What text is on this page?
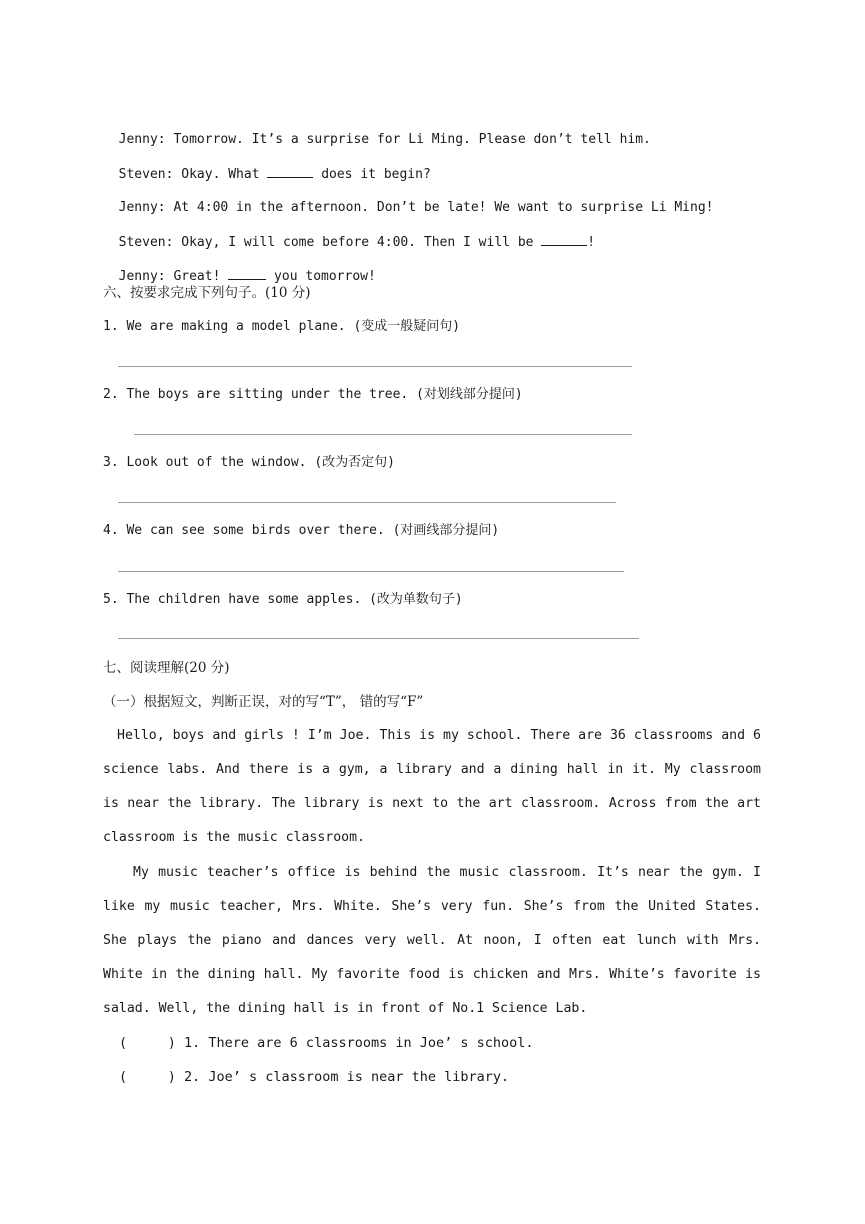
Jenny: Tomorrow. It’s a surprise for Li Ming. Please don’t tell him.

Steven: Okay. What	does it begin?

Jenny: At 4:00 in the afternoon. Don’t be late! We want to surprise Li Ming!

Steven: Okay, I will come before 4:00. Then I will be	!

Jenny: Great!	you tomorrow!

六、按要求完成下列句子。(10 分)
1. We are making a model plane. (变成一般疑问句)
2. The boys are sitting under the tree. (对划线部分提问)
3. Look out of the window. (改为否定句)
4. We can see some birds over there. (对画线部分提问)
5. The children have some apples. (改为单数句子)
七、阅读理解(20 分)
（一）根据短文，判断正误，对的写“T”， 错的写“F”
Hello, boys and girls ! I’m Joe. This is my school. There are 36 classrooms and 6 science labs. And there is a gym, a library and a dining hall in it. My classroom is near the library. The library is next to the art classroom. Across from the art classroom is the music classroom.
My music teacher’s office is behind the music classroom. It’s near the gym. I like my music teacher, Mrs. White. She’s very fun. She’s from the United States. She plays the piano and dances very well. At noon, I often eat lunch with Mrs. White in the dining hall. My favorite food is chicken and Mrs. White’s favorite is salad. Well, the dining hall is in front of No.1 Science Lab.
(     ) 1. There are 6 classrooms in Joe’ s school.
(     ) 2. Joe’ s classroom is near the library.
